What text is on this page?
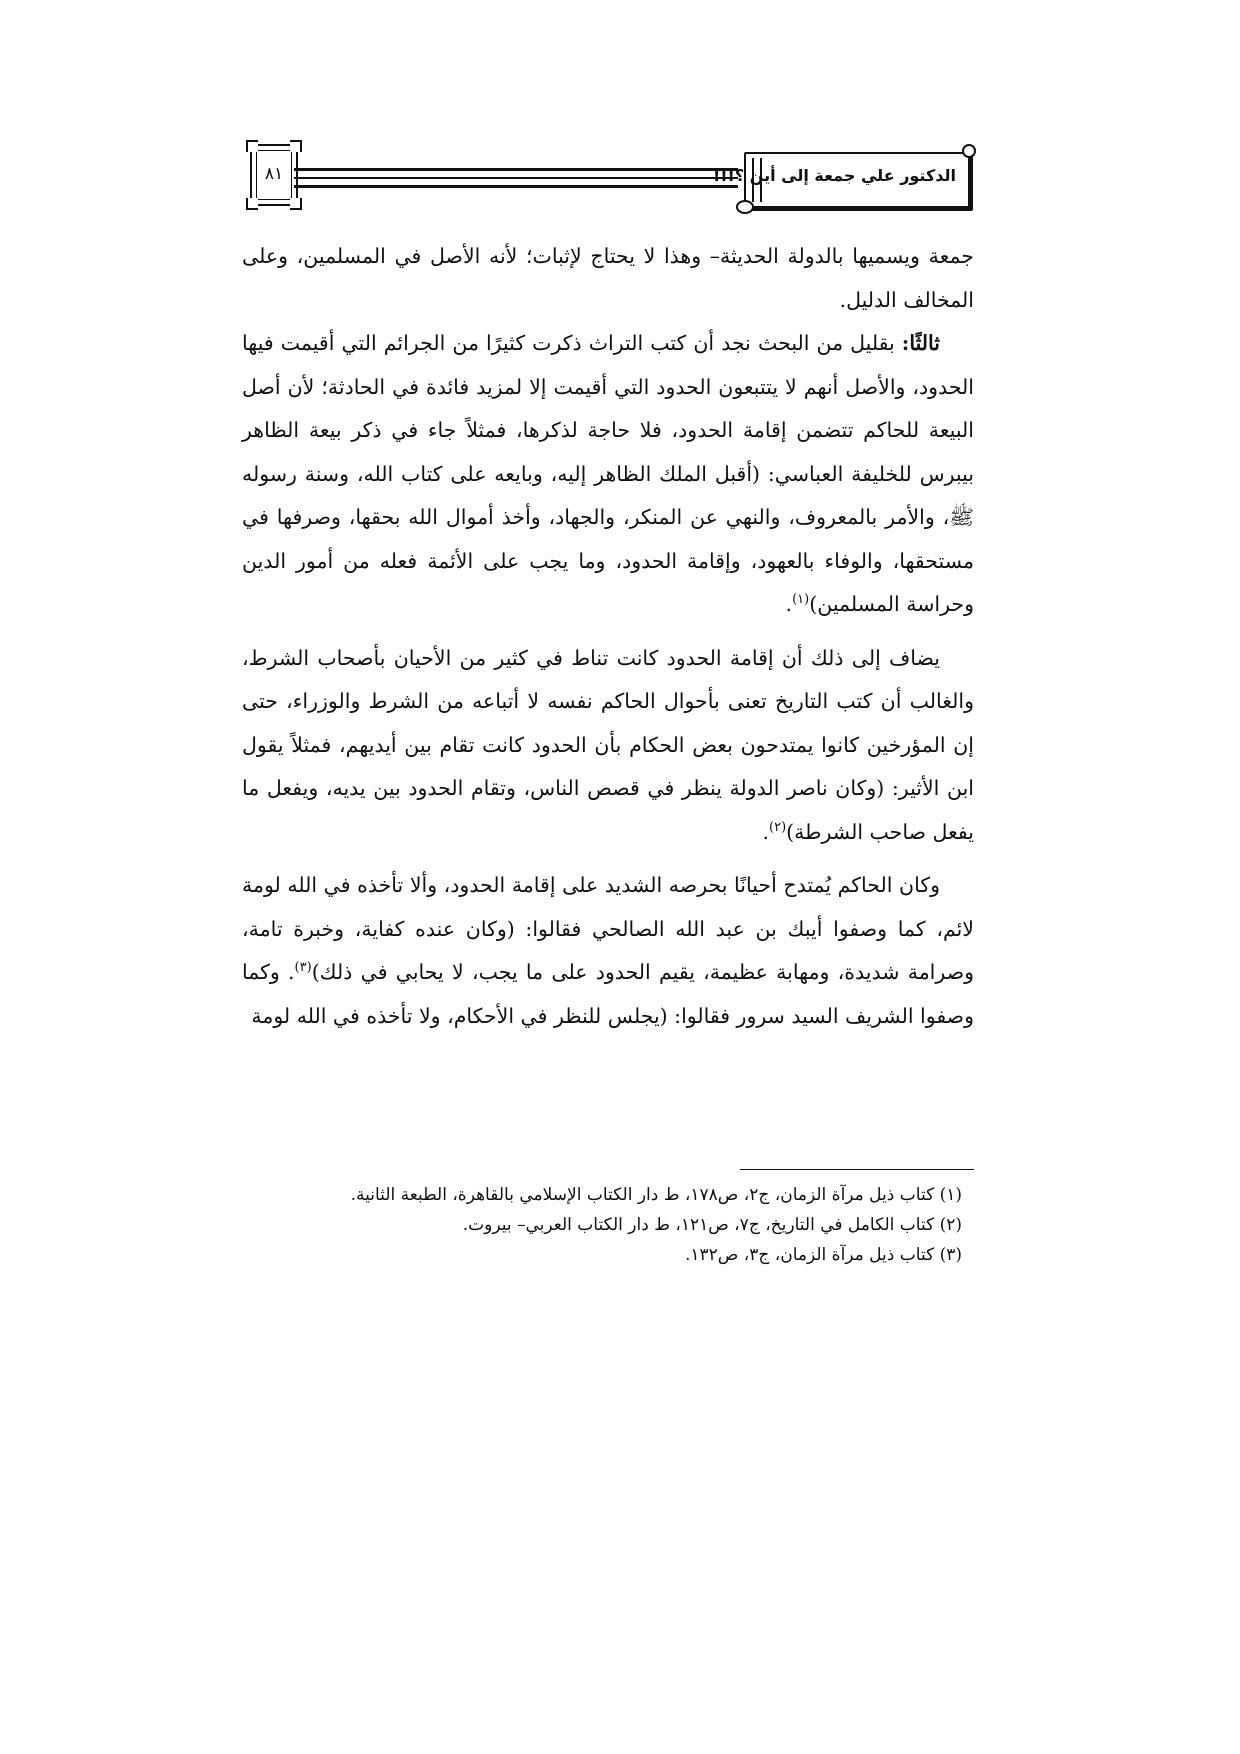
٨١	الدكتور علي جمعة إلى أين ؟!!!

جمعة ويسميها بالدولة الحديثة– وهذا لا يحتاج لإثبات؛ لأنه الأصل في المسلمين، وعلى المخالف الدليل.

ثالثًا: بقليل من البحث نجد أن كتب التراث ذكرت كثيرًا من الجرائم التي أقيمت فيها الحدود، والأصل أنهم لا يتتبعون الحدود التي أقيمت إلا لمزيد فائدة في الحادثة؛ لأن أصل البيعة للحاكم تتضمن إقامة الحدود، فلا حاجة لذكرها، فمثلاً جاء في ذكر بيعة الظاهر بيبرس للخليفة العباسي: (أقبل الملك الظاهر إليه، وبايعه على كتاب الله، وسنة رسوله ﷺ، والأمر بالمعروف، والنهي عن المنكر، والجهاد، وأخذ أموال الله بحقها، وصرفها في مستحقها، والوفاء بالعهود، وإقامة الحدود، وما يجب على الأئمة فعله من أمور الدين وحراسة المسلمين)$^{(١)}$.

يضاف إلى ذلك أن إقامة الحدود كانت تناط في كثير من الأحيان بأصحاب الشرط، والغالب أن كتب التاريخ تعنى بأحوال الحاكم نفسه لا أتباعه من الشرط والوزراء، حتى إن المؤرخين كانوا يمتدحون بعض الحكام بأن الحدود كانت تقام بين أيديهم، فمثلاً يقول ابن الأثير: (وكان ناصر الدولة ينظر في قصص الناس، وتقام الحدود بين يديه، ويفعل ما يفعل صاحب الشرطة)$^{(٢)}$.

وكان الحاكم يُمتدح أحيانًا بحرصه الشديد على إقامة الحدود، وألا تأخذه في الله لومة لائم، كما وصفوا أيبك بن عبد الله الصالحي فقالوا: (وكان عنده كفاية، وخبرة تامة، وصرامة شديدة، ومهابة عظيمة، يقيم الحدود على ما يجب، لا يحابي في ذلك)$^{(٣)}$. وكما وصفوا الشريف السيد سرور فقالوا: (يجلس للنظر في الأحكام، ولا تأخذه في الله لومة

(١) كتاب ذيل مرآة الزمان، ج٢، ص١٧٨، ط دار الكتاب الإسلامي بالقاهرة، الطبعة الثانية.
(٢) كتاب الكامل في التاريخ، ج٧، ص١٢١، ط دار الكتاب العربي– بيروت.
(٣) كتاب ذيل مرآة الزمان، ج٣، ص١٣٢.
